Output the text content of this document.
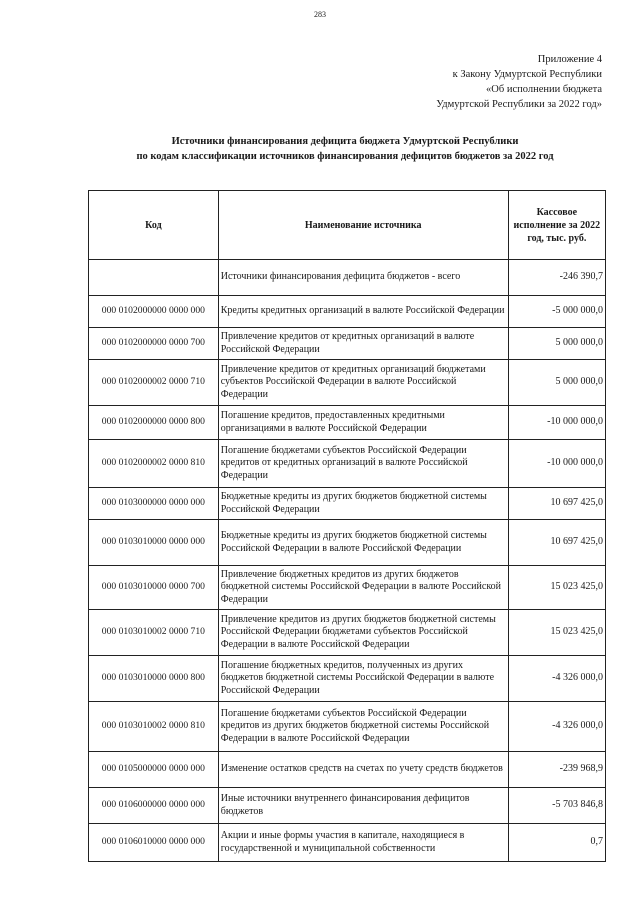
283
Приложение 4
к Закону Удмуртской Республики
«Об исполнении бюджета
Удмуртской Республики за 2022 год»
Источники финансирования дефицита бюджета Удмуртской Республики
по кодам классификации источников финансирования дефицитов бюджетов за 2022 год
Код	Наименование источника	Кассовое исполнение за 2022 год, тыс. руб.
	Источники финансирования дефицита бюджетов - всего	-246 390,7
000 0102000000 0000 000	Кредиты кредитных организаций в валюте Российской Федерации	-5 000 000,0
000 0102000000 0000 700	Привлечение кредитов от кредитных организаций в валюте Российской Федерации	5 000 000,0
000 0102000002 0000 710	Привлечение кредитов от кредитных организаций бюджетами субъектов Российской Федерации в валюте Российской Федерации	5 000 000,0
000 0102000000 0000 800	Погашение кредитов, предоставленных кредитными организациями в валюте Российской Федерации	-10 000 000,0
000 0102000002 0000 810	Погашение бюджетами субъектов Российской Федерации кредитов от кредитных организаций в валюте Российской Федерации	-10 000 000,0
000 0103000000 0000 000	Бюджетные кредиты из других бюджетов бюджетной системы Российской Федерации	10 697 425,0
000 0103010000 0000 000	Бюджетные кредиты из других бюджетов бюджетной системы Российской Федерации в валюте Российской Федерации	10 697 425,0
000 0103010000 0000 700	Привлечение бюджетных кредитов из других бюджетов бюджетной системы Российской Федерации в валюте Российской Федерации	15 023 425,0
000 0103010002 0000 710	Привлечение кредитов из других бюджетов бюджетной системы Российской Федерации бюджетами субъектов Российской Федерации в валюте Российской Федерации	15 023 425,0
000 0103010000 0000 800	Погашение бюджетных кредитов, полученных из других бюджетов бюджетной системы Российской Федерации в валюте Российской Федерации	-4 326 000,0
000 0103010002 0000 810	Погашение бюджетами субъектов Российской Федерации кредитов из других бюджетов бюджетной системы Российской Федерации в валюте Российской Федерации	-4 326 000,0
000 0105000000 0000 000	Изменение остатков средств на счетах по учету средств бюджетов	-239 968,9
000 0106000000 0000 000	Иные источники внутреннего финансирования дефицитов бюджетов	-5 703 846,8
000 0106010000 0000 000	Акции и иные формы участия в капитале, находящиеся в государственной и муниципальной собственности	0,7
